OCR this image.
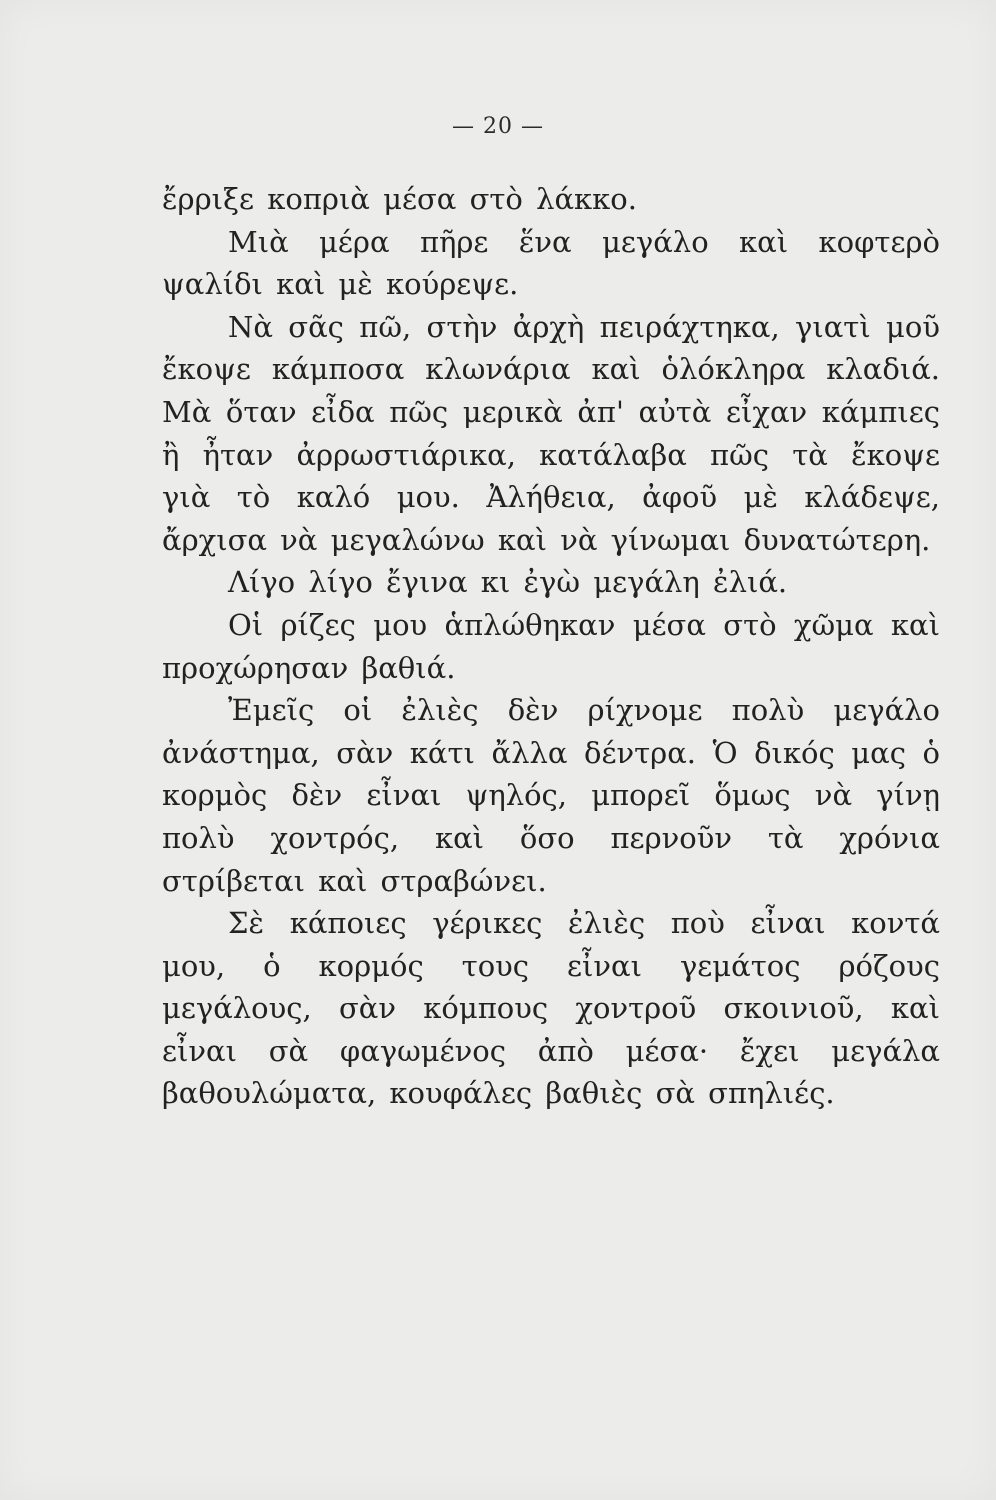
— 20 —

ἔρριξε κοπριὰ μέσα στὸ λάκκο.

Μιὰ μέρα πῆρε ἕνα μεγάλο καὶ κοφτερὸ ψαλίδι καὶ μὲ κούρεψε.

Νὰ σᾶς πῶ, στὴν ἀρχὴ πειράχτηκα, γιατὶ μοῦ ἔκοψε κάμποσα κλωνάρια καὶ ὁλόκληρα κλαδιά. Μὰ ὅταν εἶδα πῶς μερικὰ ἀπ' αὐτὰ εἶχαν κάμπιες ἢ ἦταν ἀρρωστιάρικα, κατάλαβα πῶς τὰ ἔκοψε γιὰ τὸ καλό μου. Ἀλήθεια, ἀφοῦ μὲ κλάδεψε, ἄρχισα νὰ μεγαλώνω καὶ νὰ γίνωμαι δυνατώτερη.

Λίγο λίγο ἔγινα κι ἐγὼ μεγάλη ἐλιά.

Οἱ ρίζες μου ἁπλώθηκαν μέσα στὸ χῶμα καὶ προχώρησαν βαθιά.

Ἐμεῖς οἱ ἐλιὲς δὲν ρίχνομε πολὺ μεγάλο ἀνάστημα, σὰν κάτι ἄλλα δέντρα. Ὁ δικός μας ὁ κορμὸς δὲν εἶναι ψηλός, μπορεῖ ὅμως νὰ γίνῃ πολὺ χοντρός, καὶ ὅσο περνοῦν τὰ χρόνια στρίβεται καὶ στραβώνει.

Σὲ κάποιες γέρικες ἐλιὲς ποὺ εἶναι κοντά μου, ὁ κορμός τους εἶναι γεμάτος ρόζους μεγάλους, σὰν κόμπους χοντροῦ σκοινιοῦ, καὶ εἶναι σὰ φαγωμένος ἀπὸ μέσα· ἔχει μεγάλα βαθουλώματα, κουφάλες βαθιὲς σὰ σπηλιές.
